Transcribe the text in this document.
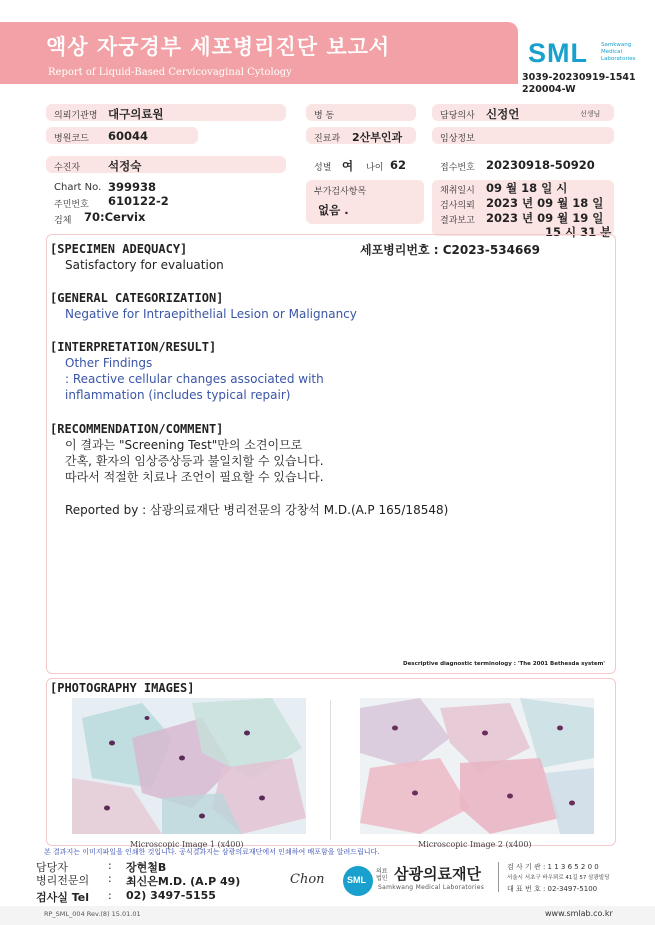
액상 자궁경부 세포병리진단 보고서
Report of Liquid-Based Cervicovaginal Cytology
SML Samkwang Medical Laboratories
3039-20230919-1541
220004-W
의뢰기관명 대구의료원	병 동	담당의사 신정언	선생님
병원코드 60044	진료과 2산부인과	임상정보
수진자 석정숙	성별 여 나이 62	접수번호 20230918-50920
Chart No. 399938
주민번호 610122-2
검체 70:Cervix
부가검사항목
없음 .
채취일시 09 월 18 일 시
검사의뢰 2023 년 09 월 18 일
결과보고 2023 년 09 월 19 일
15 시 31 분
[SPECIMEN ADEQUACY]	세포병리번호 : C2023-534669
Satisfactory for evaluation
[GENERAL CATEGORIZATION]
Negative for Intraepithelial Lesion or Malignancy
[INTERPRETATION/RESULT]
Other Findings
: Reactive cellular changes associated with
inflammation (includes typical repair)
[RECOMMENDATION/COMMENT]
이 결과는 "Screening Test"만의 소견이므로
간혹, 환자의 임상증상등과 불일치할 수 있습니다.
따라서 적절한 치료나 조언이 필요할 수 있습니다.
Reported by : 삼광의료재단 병리전문의 강창석 M.D.(A.P 165/18548)
Descriptive diagnostic terminology : 'The 2001 Bethesda system'
[PHOTOGRAPHY IMAGES]
Microscopic Image 1 (x400)	Microscopic Image 2 (x400)
본 결과지는 이미지파일을 인쇄한 것입니다. 공식결과지는 삼광의료재단에서 인쇄하여 배포함을 알려드립니다.
담당자	: 장현철B
병리전문의 : 최신은M.D. (A.P 49)
검사실 Tel : 02) 3497-5155
Chon SML
의료법인 삼광의료재단
Samkwang Medical Laboratories
검 사 기 관 : 1 1 3 6 5 2 0 0
서울시 서초구 바우뫼로 41길 57 삼광빌딩
대 표 번 호 : 02-3497-5100
RP_SML_004 Rev.(8) 15.01.01	www.smlab.co.kr
